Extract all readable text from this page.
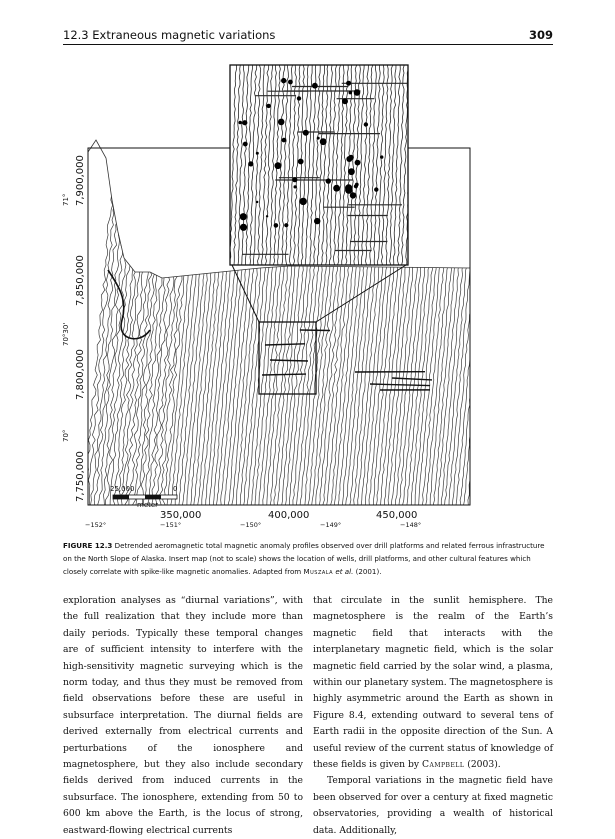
12.3 Extraneous magnetic variations	309
25,000	0
meter
7,900,000
7,850,000
7,800,000
7,750,000
71°
70°30'
70°
350,000	400,000	450,000
−152°	−151°	−150°	−149°	−148°
FIGURE 12.3 Detrended aeromagnetic total magnetic anomaly profiles observed over drill platforms and related ferrous infrastructure on the North Slope of Alaska. Insert map (not to scale) shows the location of wells, drill platforms, and other cultural features which closely correlate with spike-like magnetic anomalies. Adapted from Muszala et al. (2001).

exploration analyses as “diurnal variations”, with the full realization that they include more than daily periods. Typically these temporal changes are of sufficient intensity to interfere with the high-sensitivity magnetic surveying which is the norm today, and thus they must be removed from field observations before these are useful in subsurface interpretation. The diurnal fields are derived externally from electrical currents and perturbations of the ionosphere and magnetosphere, but they also include secondary fields derived from induced currents in the subsurface. The ionosphere, extending from 50 to 600 km above the Earth, is the locus of strong, eastward-flowing electrical currents

that circulate in the sunlit hemisphere. The magnetosphere is the realm of the Earth’s magnetic field that interacts with the interplanetary magnetic field, which is the solar magnetic field carried by the solar wind, a plasma, within our planetary system. The magnetosphere is highly asymmetric around the Earth as shown in Figure 8.4, extending outward to several tens of Earth radii in the opposite direction of the Sun. A useful review of the current status of knowledge of these fields is given by Campbell (2003).

Temporal variations in the magnetic field have been observed for over a century at fixed magnetic observatories, providing a wealth of historical data. Additionally,
